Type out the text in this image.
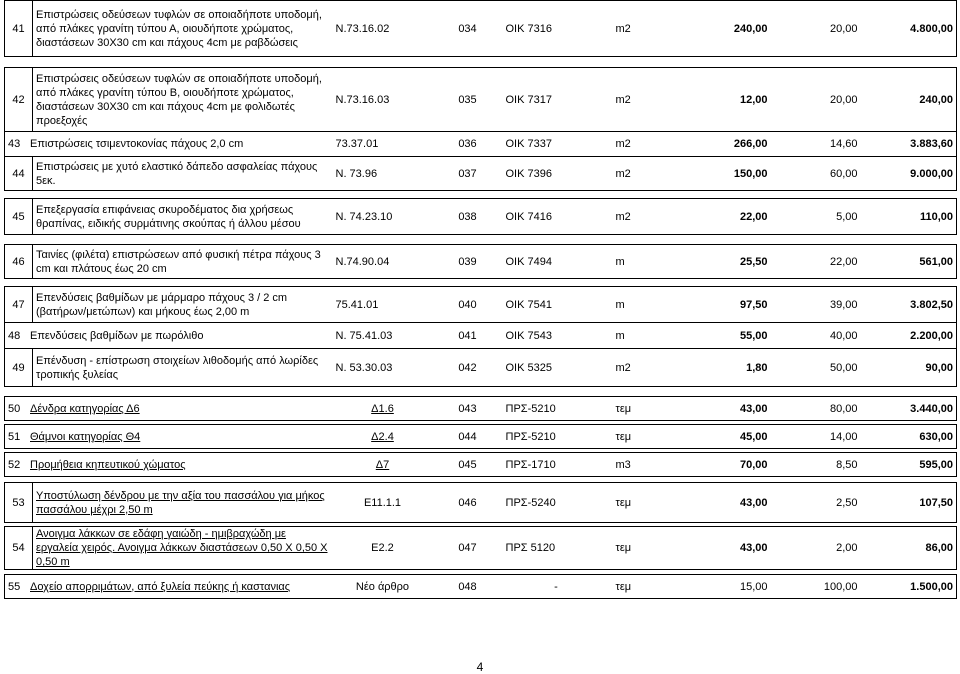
41	Επιστρώσεις οδεύσεων τυφλών σε οποιαδήποτε υποδομή, από πλάκες γρανίτη τύπου Α, οιουδήποτε χρώματος, διαστάσεων 30Χ30 cm και πάχους 4cm με ραβδώσεις	N.73.16.02	034	ΟΙΚ 7316	m2	240,00	20,00	4.800,00

42	Επιστρώσεις οδεύσεων τυφλών σε οποιαδήποτε υποδομή, από πλάκες γρανίτη τύπου Β, οιουδήποτε χρώματος, διαστάσεων 30Χ30 cm και πάχους 4cm με φολιδωτές προεξοχές	N.73.16.03	035	ΟΙΚ 7317	m2	12,00	20,00	240,00
43 Επιστρώσεις τσιμεντοκονίας πάχους 2,0 cm		73.37.01	036	ΟΙΚ 7337	m2	266,00	14,60	3.883,60
44	Επιστρώσεις με χυτό ελαστικό δάπεδο ασφαλείας πάχους 5εκ.	Ν. 73.96	037	ΟΙΚ 7396	m2	150,00	60,00	9.000,00

45	Επεξεργασία επιφάνειας σκυροδέματος δια χρήσεως θραπίνας, ειδικής συρμάτινης σκούπας ή άλλου μέσου	Ν. 74.23.10	038	ΟΙΚ 7416	m2	22,00	5,00	110,00

46	Ταινίες (φιλέτα) επιστρώσεων από φυσική πέτρα πάχους 3 cm και πλάτους έως 20 cm	N.74.90.04	039	ΟΙΚ 7494	m	25,50	22,00	561,00

47	Επενδύσεις βαθμίδων με μάρμαρο πάχους 3 / 2 cm (βατήρων/μετώπων) και μήκους έως 2,00 m	75.41.01	040	ΟΙΚ 7541	m	97,50	39,00	3.802,50
48 Επενδύσεις βαθμίδων με πωρόλιθο		Ν. 75.41.03	041	ΟΙΚ 7543	m	55,00	40,00	2.200,00
49	Επένδυση - επίστρωση στοιχείων λιθοδομής από λωρίδες τροπικής ξυλείας	Ν. 53.30.03	042	ΟΙΚ 5325	m2	1,80	50,00	90,00

50 Δένδρα κατηγορίας Δ6		Δ1.6	043	ΠΡΣ-5210	τεμ	43,00	80,00	3.440,00

51 Θάμνοι κατηγορίας Θ4		Δ2.4	044	ΠΡΣ-5210	τεμ	45,00	14,00	630,00

52 Προμήθεια κηπευτικού χώματος		Δ7	045	ΠΡΣ-1710	m3	70,00	8,50	595,00

53	Υποστύλωση δένδρου με την αξία του πασσάλου για μήκος πασσάλου μέχρι 2,50 m	Ε11.1.1	046	ΠΡΣ-5240	τεμ	43,00	2,50	107,50

54	Ανοιγμα λάκκων σε εδάφη γαιώδη - ημιβραχώδη με εργαλεία χειρός. Ανοιγμα λάκκων διαστάσεων 0,50 Χ 0,50 Χ 0,50 m	Ε2.2	047	ΠΡΣ 5120	τεμ	43,00	2,00	86,00

55 Δοχείο απορριμάτων, από ξυλεία πεύκης ή καστανιας		Νέο άρθρο	048	-	τεμ	15,00	100,00	1.500,00
4
